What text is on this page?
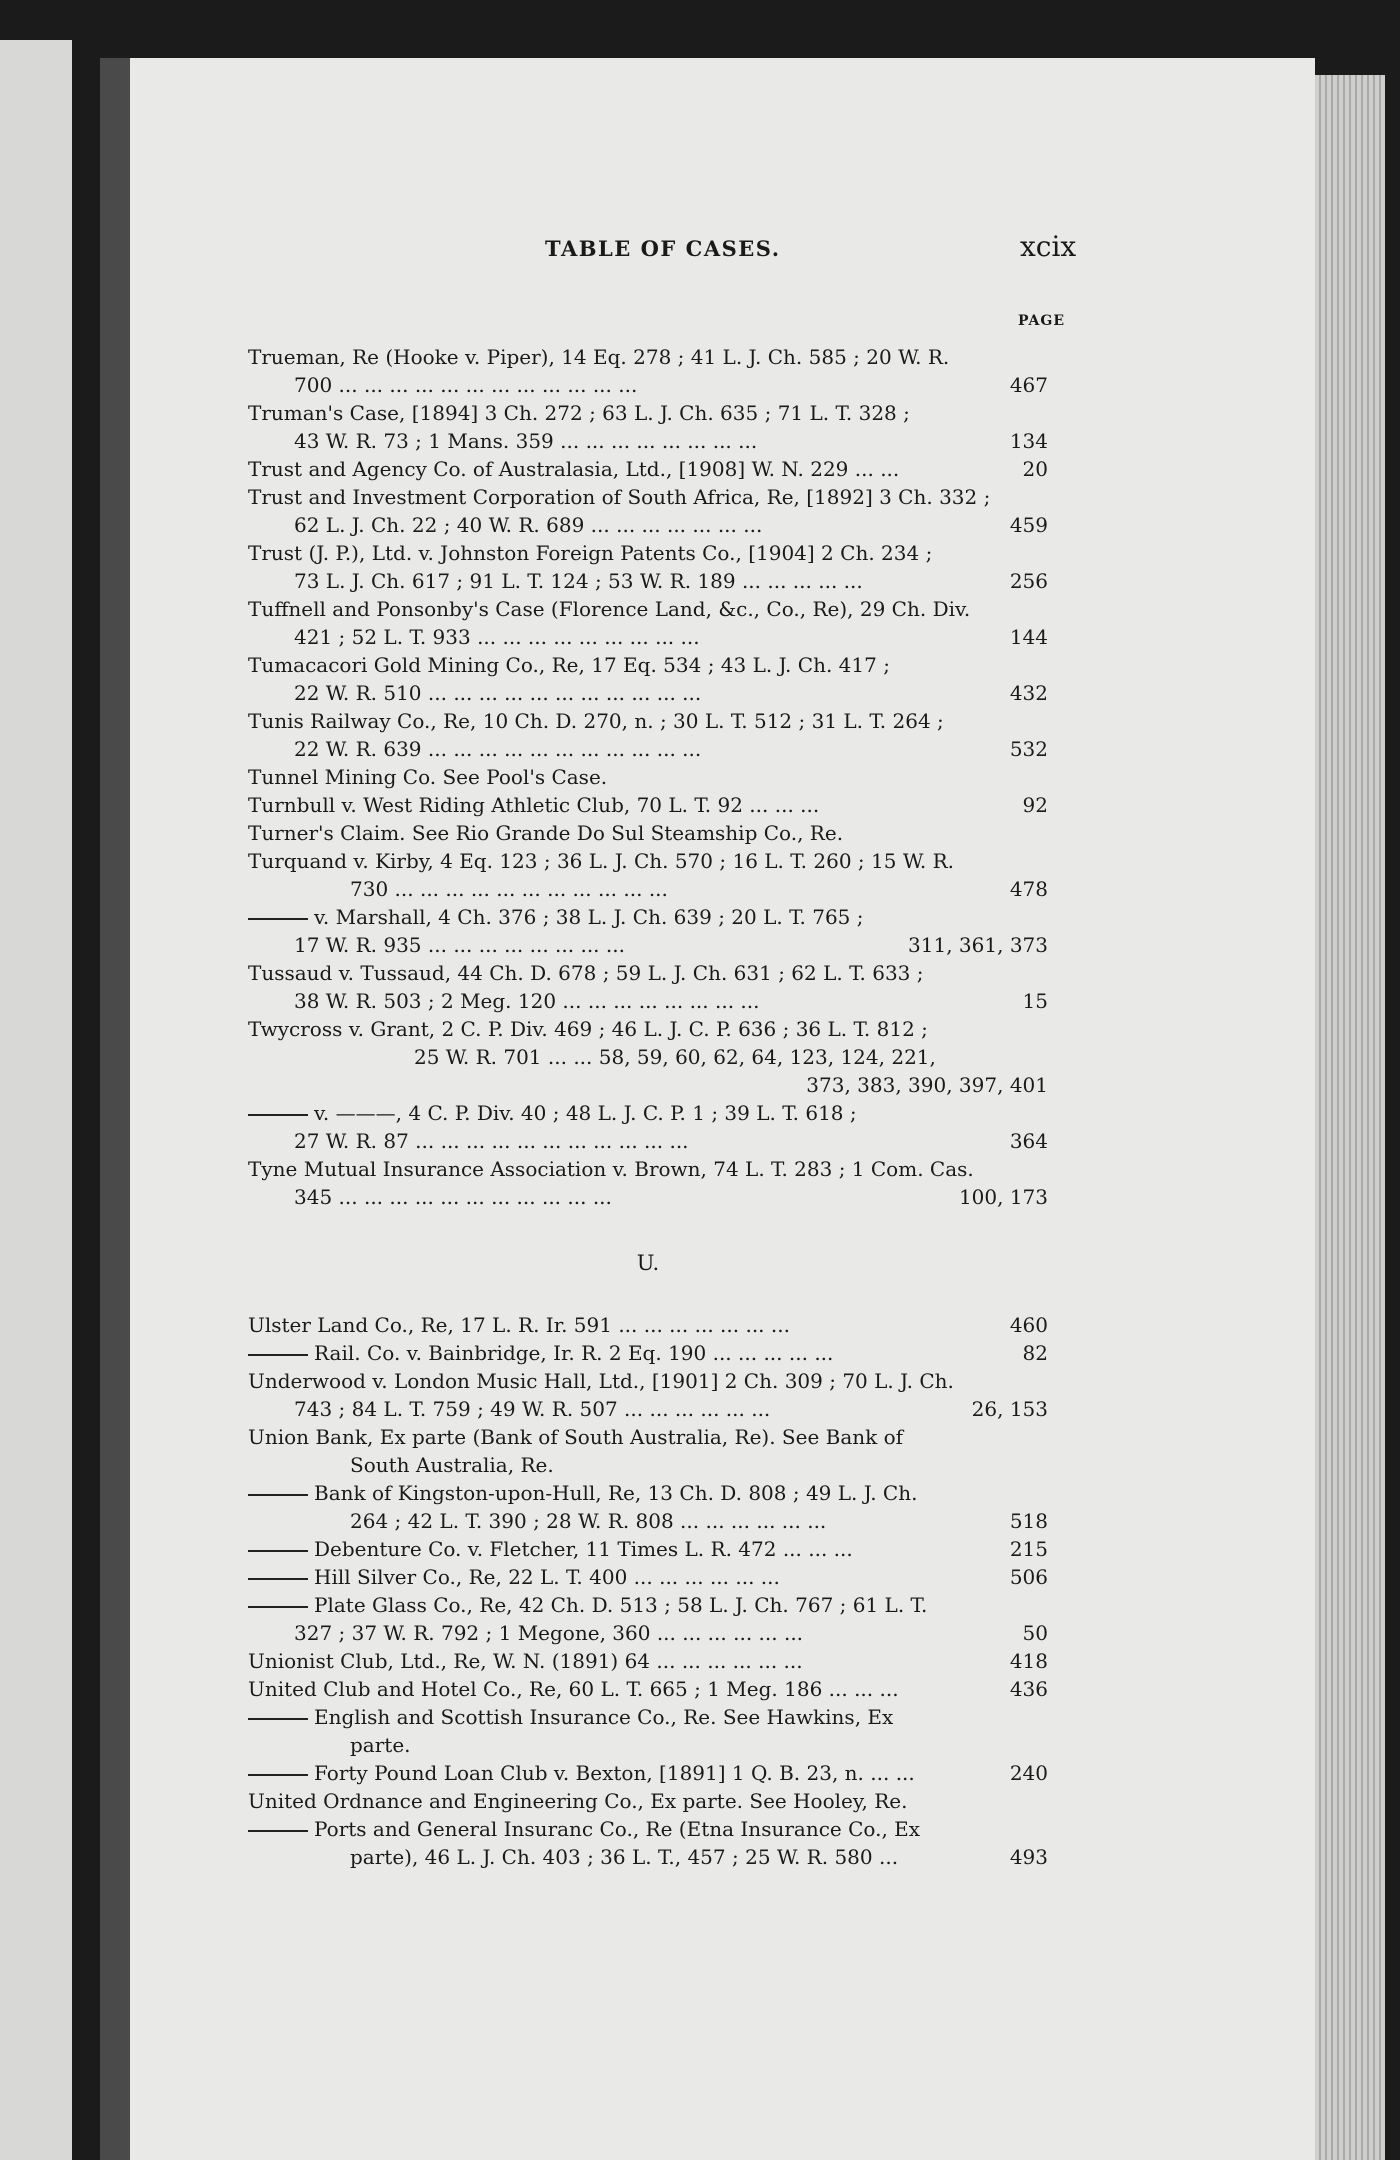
TABLE OF CASES.	xcix
PAGE
Trueman, Re (Hooke v. Piper), 14 Eq. 278 ; 41 L. J. Ch. 585 ; 20 W. R.
700 ... ... ... ... ... ... ... ... ... ... ... ...	467
Truman's Case, [1894] 3 Ch. 272 ; 63 L. J. Ch. 635 ; 71 L. T. 328 ;
43 W. R. 73 ; 1 Mans. 359 ... ... ... ... ... ... ... ...	134
Trust and Agency Co. of Australasia, Ltd., [1908] W. N. 229 ... ...	20
Trust and Investment Corporation of South Africa, Re, [1892] 3 Ch. 332 ;
62 L. J. Ch. 22 ; 40 W. R. 689 ... ... ... ... ... ... ...	459
Trust (J. P.), Ltd. v. Johnston Foreign Patents Co., [1904] 2 Ch. 234 ;
73 L. J. Ch. 617 ; 91 L. T. 124 ; 53 W. R. 189 ... ... ... ... ...	256
Tuffnell and Ponsonby's Case (Florence Land, &c., Co., Re), 29 Ch. Div.
421 ; 52 L. T. 933 ... ... ... ... ... ... ... ... ...	144
Tumacacori Gold Mining Co., Re, 17 Eq. 534 ; 43 L. J. Ch. 417 ;
22 W. R. 510 ... ... ... ... ... ... ... ... ... ... ...	432
Tunis Railway Co., Re, 10 Ch. D. 270, n. ; 30 L. T. 512 ; 31 L. T. 264 ;
22 W. R. 639 ... ... ... ... ... ... ... ... ... ... ...	532
Tunnel Mining Co. See Pool's Case.
Turnbull v. West Riding Athletic Club, 70 L. T. 92 ... ... ...	92
Turner's Claim. See Rio Grande Do Sul Steamship Co., Re.
Turquand v. Kirby, 4 Eq. 123 ; 36 L. J. Ch. 570 ; 16 L. T. 260 ; 15 W. R.
730 ... ... ... ... ... ... ... ... ... ... ...	478
v. Marshall, 4 Ch. 376 ; 38 L. J. Ch. 639 ; 20 L. T. 765 ;
17 W. R. 935 ... ... ... ... ... ... ... ...	311, 361, 373
Tussaud v. Tussaud, 44 Ch. D. 678 ; 59 L. J. Ch. 631 ; 62 L. T. 633 ;
38 W. R. 503 ; 2 Meg. 120 ... ... ... ... ... ... ... ...	15
Twycross v. Grant, 2 C. P. Div. 469 ; 46 L. J. C. P. 636 ; 36 L. T. 812 ;
25 W. R. 701 ... ... 58, 59, 60, 62, 64, 123, 124, 221,
373, 383, 390, 397, 401
v. ———, 4 C. P. Div. 40 ; 48 L. J. C. P. 1 ; 39 L. T. 618 ;
27 W. R. 87 ... ... ... ... ... ... ... ... ... ... ...	364
Tyne Mutual Insurance Association v. Brown, 74 L. T. 283 ; 1 Com. Cas.
345 ... ... ... ... ... ... ... ... ... ... ...	100, 173
U.
Ulster Land Co., Re, 17 L. R. Ir. 591 ... ... ... ... ... ... ...	460
Rail. Co. v. Bainbridge, Ir. R. 2 Eq. 190 ... ... ... ... ...	82
Underwood v. London Music Hall, Ltd., [1901] 2 Ch. 309 ; 70 L. J. Ch.
743 ; 84 L. T. 759 ; 49 W. R. 507 ... ... ... ... ... ...	26, 153
Union Bank, Ex parte (Bank of South Australia, Re). See Bank of
South Australia, Re.
Bank of Kingston-upon-Hull, Re, 13 Ch. D. 808 ; 49 L. J. Ch.
264 ; 42 L. T. 390 ; 28 W. R. 808 ... ... ... ... ... ...	518
Debenture Co. v. Fletcher, 11 Times L. R. 472 ... ... ...	215
Hill Silver Co., Re, 22 L. T. 400 ... ... ... ... ... ...	506
Plate Glass Co., Re, 42 Ch. D. 513 ; 58 L. J. Ch. 767 ; 61 L. T.
327 ; 37 W. R. 792 ; 1 Megone, 360 ... ... ... ... ... ...	50
Unionist Club, Ltd., Re, W. N. (1891) 64 ... ... ... ... ... ...	418
United Club and Hotel Co., Re, 60 L. T. 665 ; 1 Meg. 186 ... ... ...	436
English and Scottish Insurance Co., Re. See Hawkins, Ex
parte.
Forty Pound Loan Club v. Bexton, [1891] 1 Q. B. 23, n. ... ...	240
United Ordnance and Engineering Co., Ex parte. See Hooley, Re.
Ports and General Insuranc Co., Re (Etna Insurance Co., Ex
parte), 46 L. J. Ch. 403 ; 36 L. T., 457 ; 25 W. R. 580 ...	493
